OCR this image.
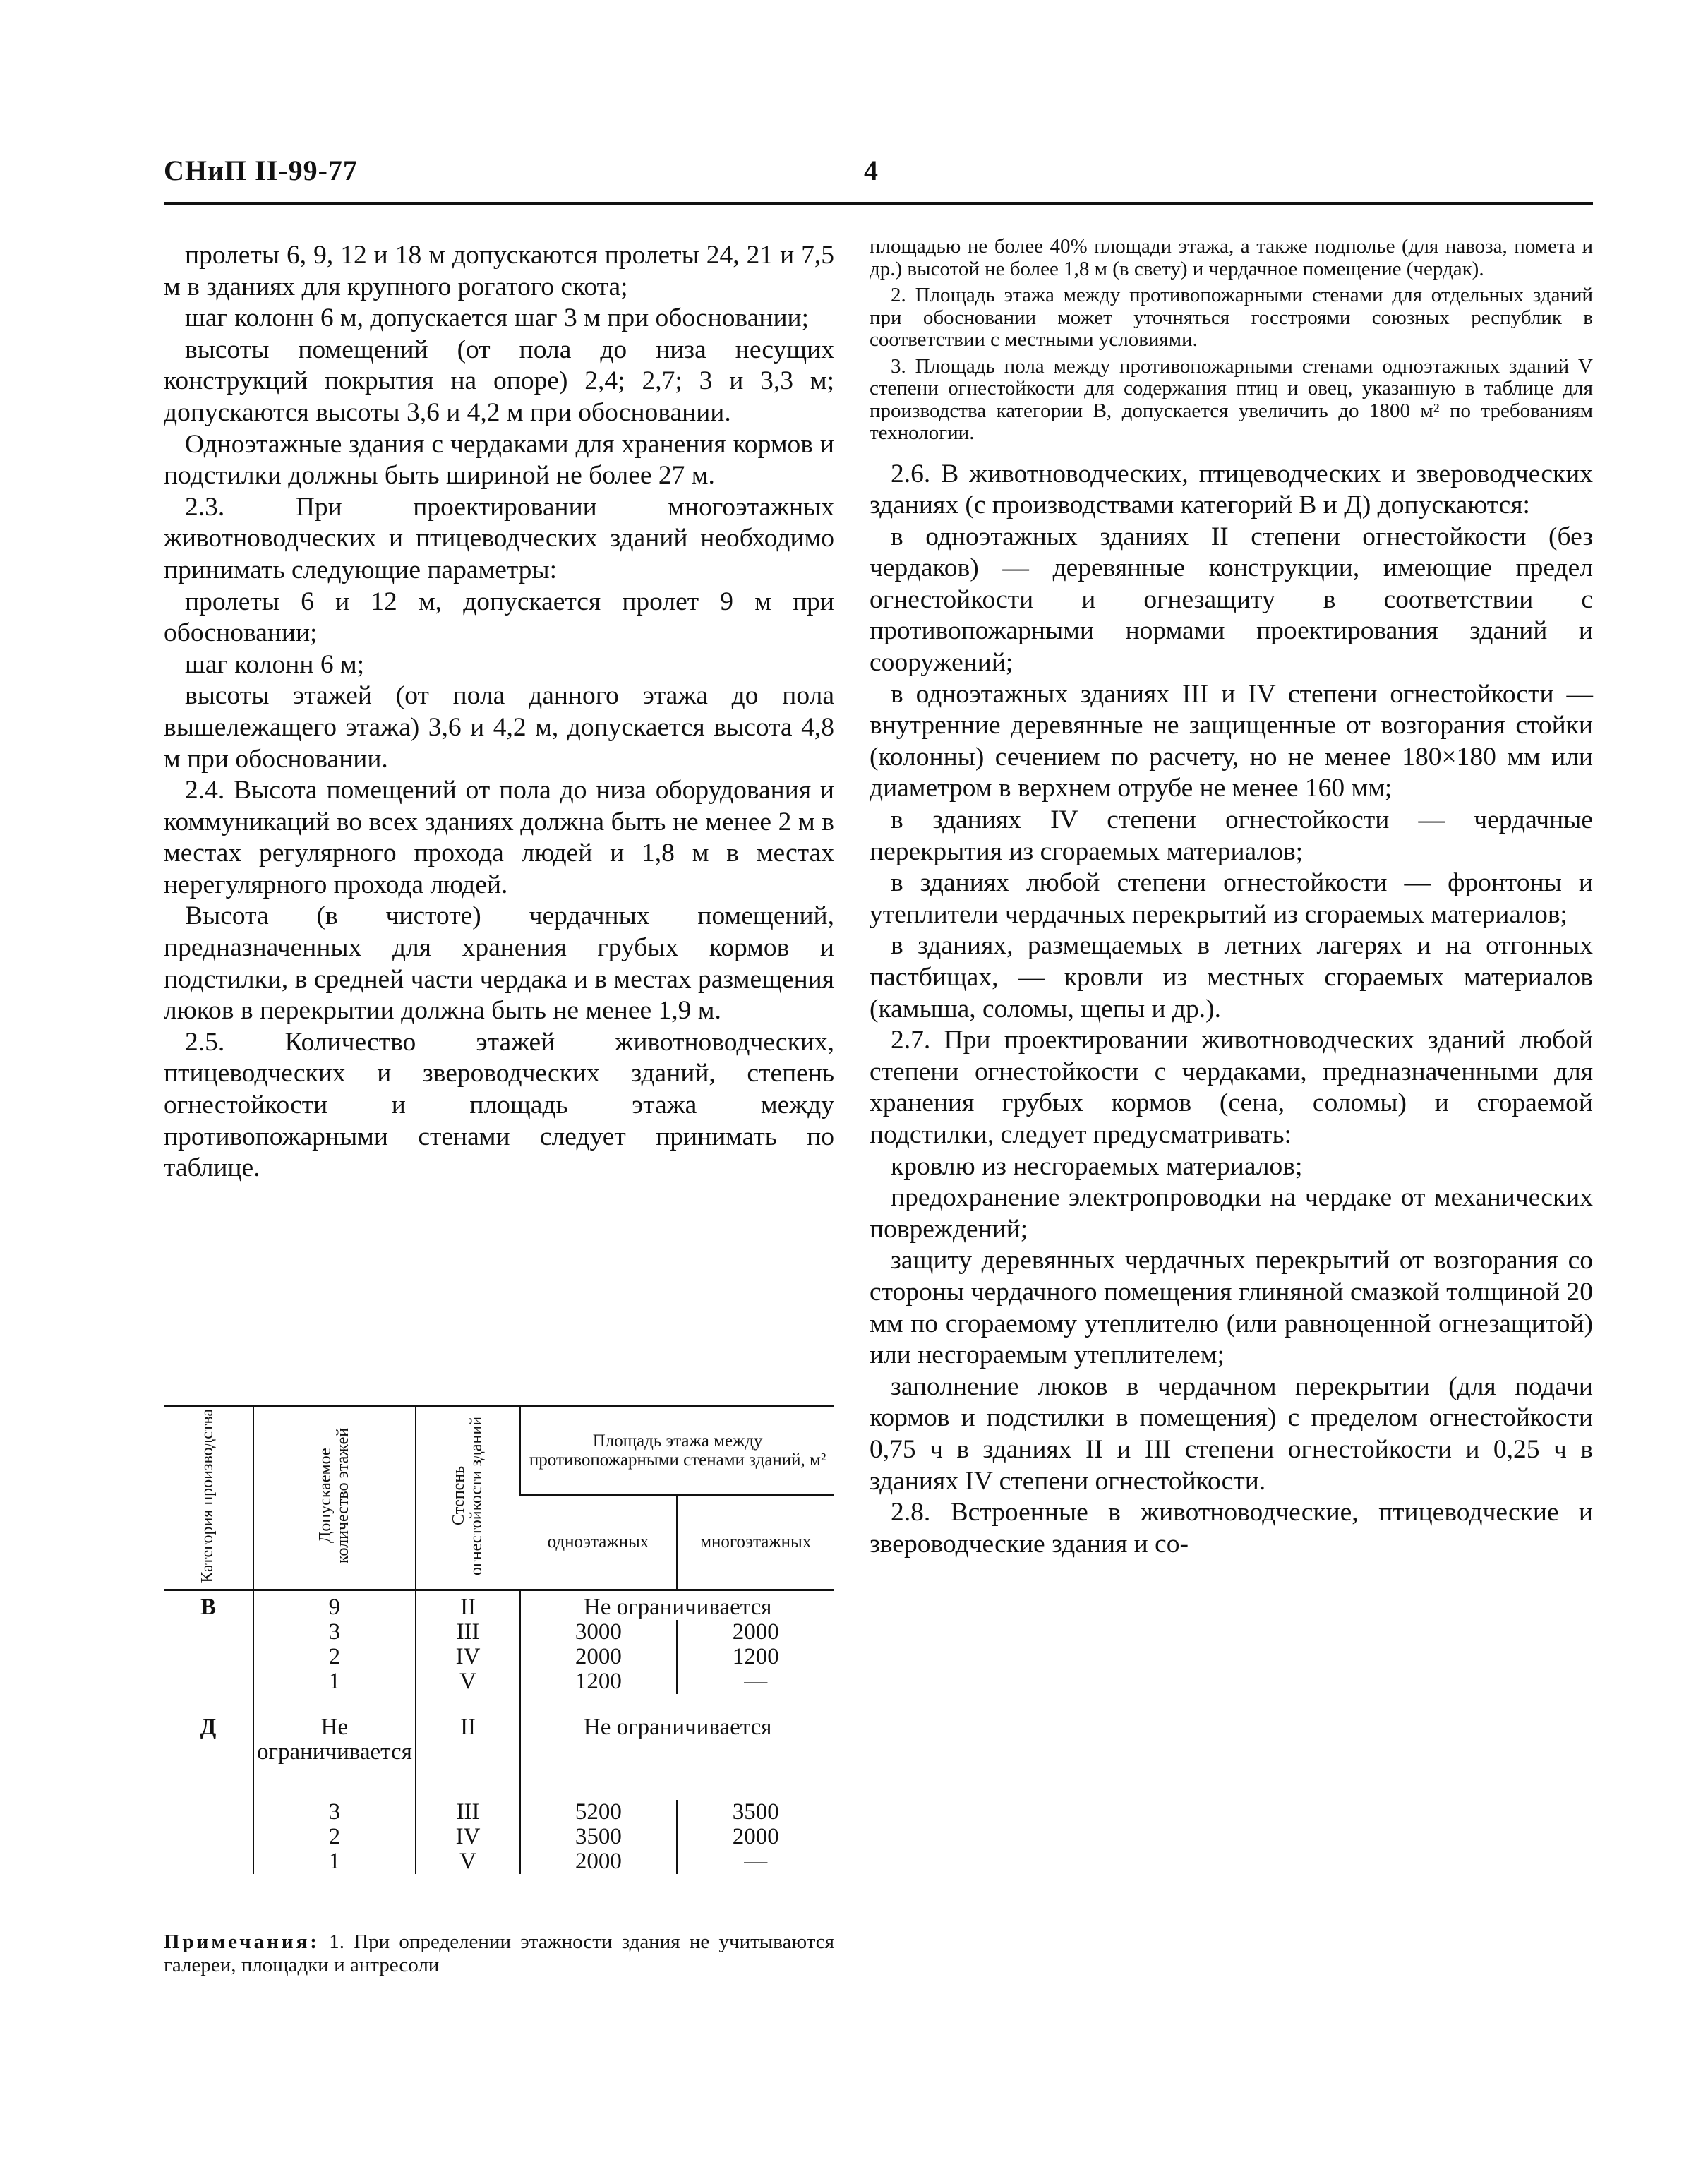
СНиП II-99-77	4

пролеты 6, 9, 12 и 18 м допускаются пролеты 24, 21 и 7,5 м в зданиях для крупного рогатого скота;

шаг колонн 6 м, допускается шаг 3 м при обосновании;

высоты помещений (от пола до низа несущих конструкций покрытия на опоре) 2,4; 2,7; 3 и 3,3 м; допускаются высоты 3,6 и 4,2 м при обосновании.

Одноэтажные здания с чердаками для хранения кормов и подстилки должны быть шириной не более 27 м.

2.3. При проектировании многоэтажных животноводческих и птицеводческих зданий необходимо принимать следующие параметры:

пролеты 6 и 12 м, допускается пролет 9 м при обосновании;

шаг колонн 6 м;

высоты этажей (от пола данного этажа до пола вышележащего этажа) 3,6 и 4,2 м, допускается высота 4,8 м при обосновании.

2.4. Высота помещений от пола до низа оборудования и коммуникаций во всех зданиях должна быть не менее 2 м в местах регулярного прохода людей и 1,8 м в местах нерегулярного прохода людей.

Высота (в чистоте) чердачных помещений, предназначенных для хранения грубых кормов и подстилки, в средней части чердака и в местах размещения люков в перекрытии должна быть не менее 1,9 м.

2.5. Количество этажей животноводческих, птицеводческих и звероводческих зданий, степень огнестойкости и площадь этажа между противопожарными стенами следует принимать по таблице.

Категория производства	Допускаемое количество этажей	Степень огнестойкости зданий	Площадь этажа между противопожарными стенами зданий, м²	
			одноэтажных	многоэтажных
В	9	II	Не ограничивается	
	3	III	3000	2000
	2	IV	2000	1200
	1	V	1200	—
Д	Не ограничивается	II	Не ограничивается	
	3	III	5200	3500
	2	IV	3500	2000
	1	V	2000	—
Примечания: 1. При определении этажности здания не учитываются галереи, площадки и антресоли

площадью не более 40% площади этажа, а также подполье (для навоза, помета и др.) высотой не более 1,8 м (в свету) и чердачное помещение (чердак).

2. Площадь этажа между противопожарными стенами для отдельных зданий при обосновании может уточняться госстроями союзных республик в соответствии с местными условиями.

3. Площадь пола между противопожарными стенами одноэтажных зданий V степени огнестойкости для содержания птиц и овец, указанную в таблице для производства категории В, допускается увеличить до 1800 м² по требованиям технологии.

2.6. В животноводческих, птицеводческих и звероводческих зданиях (с производствами категорий В и Д) допускаются:

в одноэтажных зданиях II степени огнестойкости (без чердаков) — деревянные конструкции, имеющие предел огнестойкости и огнезащиту в соответствии с противопожарными нормами проектирования зданий и сооружений;

в одноэтажных зданиях III и IV степени огнестойкости — внутренние деревянные не защищенные от возгорания стойки (колонны) сечением по расчету, но не менее 180×180 мм или диаметром в верхнем отрубе не менее 160 мм;

в зданиях IV степени огнестойкости — чердачные перекрытия из сгораемых материалов;

в зданиях любой степени огнестойкости — фронтоны и утеплители чердачных перекрытий из сгораемых материалов;

в зданиях, размещаемых в летних лагерях и на отгонных пастбищах, — кровли из местных сгораемых материалов (камыша, соломы, щепы и др.).

2.7. При проектировании животноводческих зданий любой степени огнестойкости с чердаками, предназначенными для хранения грубых кормов (сена, соломы) и сгораемой подстилки, следует предусматривать:

кровлю из несгораемых материалов;

предохранение электропроводки на чердаке от механических повреждений;

защиту деревянных чердачных перекрытий от возгорания со стороны чердачного помещения глиняной смазкой толщиной 20 мм по сгораемому утеплителю (или равноценной огнезащитой) или несгораемым утеплителем;

заполнение люков в чердачном перекрытии (для подачи кормов и подстилки в помещения) с пределом огнестойкости 0,75 ч в зданиях II и III степени огнестойкости и 0,25 ч в зданиях IV степени огнестойкости.

2.8. Встроенные в животноводческие, птицеводческие и звероводческие здания и со-
